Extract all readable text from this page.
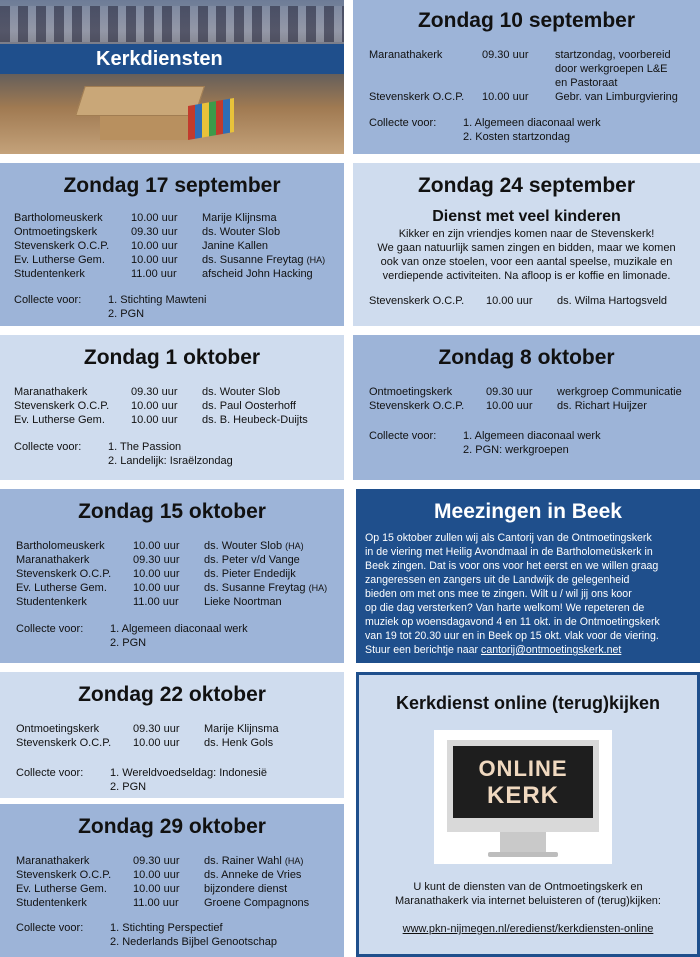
Kerkdiensten
Zondag 10 september
Maranathakerk	09.30 uur startzondag, voorbereid
door werkgroepen L&E
en Pastoraat
Stevenskerk O.C.P. 10.00 uur Gebr. van Limburgviering
Collecte voor: 1. Algemeen diaconaal werk
2. Kosten startzondag
Zondag 17 september
Bartholomeuskerk	10.00 uur Marije Klijnsma
Ontmoetingskerk	09.30 uur ds. Wouter Slob
Stevenskerk O.C.P. 10.00 uur Janine Kallen
Ev. Lutherse Gem. 10.00 uur ds. Susanne Freytag (HA)
Studentenkerk	11.00 uur afscheid John Hacking
Collecte voor: 1. Stichting Mawteni
2. PGN
Zondag 24 september
Dienst met veel kinderen
Kikker en zijn vriendjes komen naar de Stevenskerk!
We gaan natuurlijk samen zingen en bidden, maar we komen
ook van onze stoelen, voor een aantal speelse, muzikale en
verdiepende activiteiten. Na afloop is er koffie en limonade.
Stevenskerk O.C.P. 10.00 uur ds. Wilma Hartogsveld
Zondag 1 oktober
Maranathakerk	09.30 uur ds. Wouter Slob
Stevenskerk O.C.P. 10.00 uur ds. Paul Oosterhoff
Ev. Lutherse Gem. 10.00 uur ds. B. Heubeck-Duijts
Collecte voor: 1. The Passion
2. Landelijk: Israëlzondag
Zondag 8 oktober
Ontmoetingskerk	09.30 uur werkgroep Communicatie
Stevenskerk O.C.P. 10.00 uur ds. Richart Huijzer
Collecte voor: 1. Algemeen diaconaal werk
2. PGN: werkgroepen
Zondag 15 oktober
Bartholomeuskerk	10.00 uur ds. Wouter Slob (HA)
Maranathakerk	09.30 uur ds. Peter v/d Vange
Stevenskerk O.C.P. 10.00 uur ds. Pieter Endedijk
Ev. Lutherse Gem. 10.00 uur ds. Susanne Freytag (HA)
Studentenkerk	11.00 uur Lieke Noortman
Collecte voor: 1. Algemeen diaconaal werk
2. PGN
Meezingen in Beek
Op 15 oktober zullen wij als Cantorij van de Ontmoetingskerk
in de viering met Heilig Avondmaal in de Bartholomeüskerk in
Beek zingen. Dat is voor ons voor het eerst en we willen graag
zangeressen en zangers uit de Landwijk de gelegenheid
bieden om met ons mee te zingen. Wilt u / wil jij ons koor
op die dag versterken? Van harte welkom! We repeteren de
muziek op woensdagavond 4 en 11 okt. in de Ontmoetingskerk
van 19 tot 20.30 uur en in Beek op 15 okt. vlak voor de viering.
Stuur een berichtje naar cantorij@ontmoetingskerk.net
Zondag 22 oktober
Ontmoetingskerk	09.30 uur Marije Klijnsma
Stevenskerk O.C.P. 10.00 uur ds. Henk Gols
Collecte voor: 1. Wereldvoedseldag: Indonesië
2. PGN
Zondag 29 oktober
Maranathakerk	09.30 uur ds. Rainer Wahl (HA)
Stevenskerk O.C.P. 10.00 uur ds. Anneke de Vries
Ev. Lutherse Gem. 10.00 uur bijzondere dienst
Studentenkerk	11.00 uur Groene Compagnons
Collecte voor: 1. Stichting Perspectief
2. Nederlands Bijbel Genootschap
Kerkdienst online (terug)kijken
ONLINE
KERK
U kunt de diensten van de Ontmoetingskerk en
Maranathakerk via internet beluisteren of (terug)kijken:
www.pkn-nijmegen.nl/eredienst/kerkdiensten-online
